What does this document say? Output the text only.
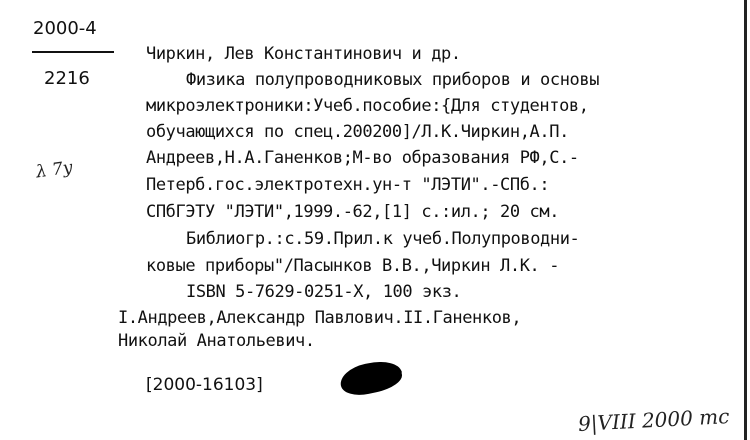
2000-4
2216
λ 7y
Чиркин, Лев Константинович и др.
Физика полупроводниковых приборов и основы
микроэлектроники:Учеб.пособие:{Для студентов,
обучающихся по спец.200200]/Л.К.Чиркин,А.П.
Андреев,Н.А.Ганенков;М-во образования РФ,С.-
Петерб.гос.электротехн.ун-т "ЛЭТИ".-СПб.:
СПбГЭТУ "ЛЭТИ",1999.-62,[1] с.:ил.; 20 см.
Библиогр.:с.59.Прил.к учеб.Полупроводни-
ковые приборы"/Пасынков В.В.,Чиркин Л.К. -
ISBN 5-7629-0251-X, 100 экз.
I.Андреев,Александр Павлович.II.Ганенков,
Николай Анатольевич.
[2000-16103]
9|VIII 2000 тс
